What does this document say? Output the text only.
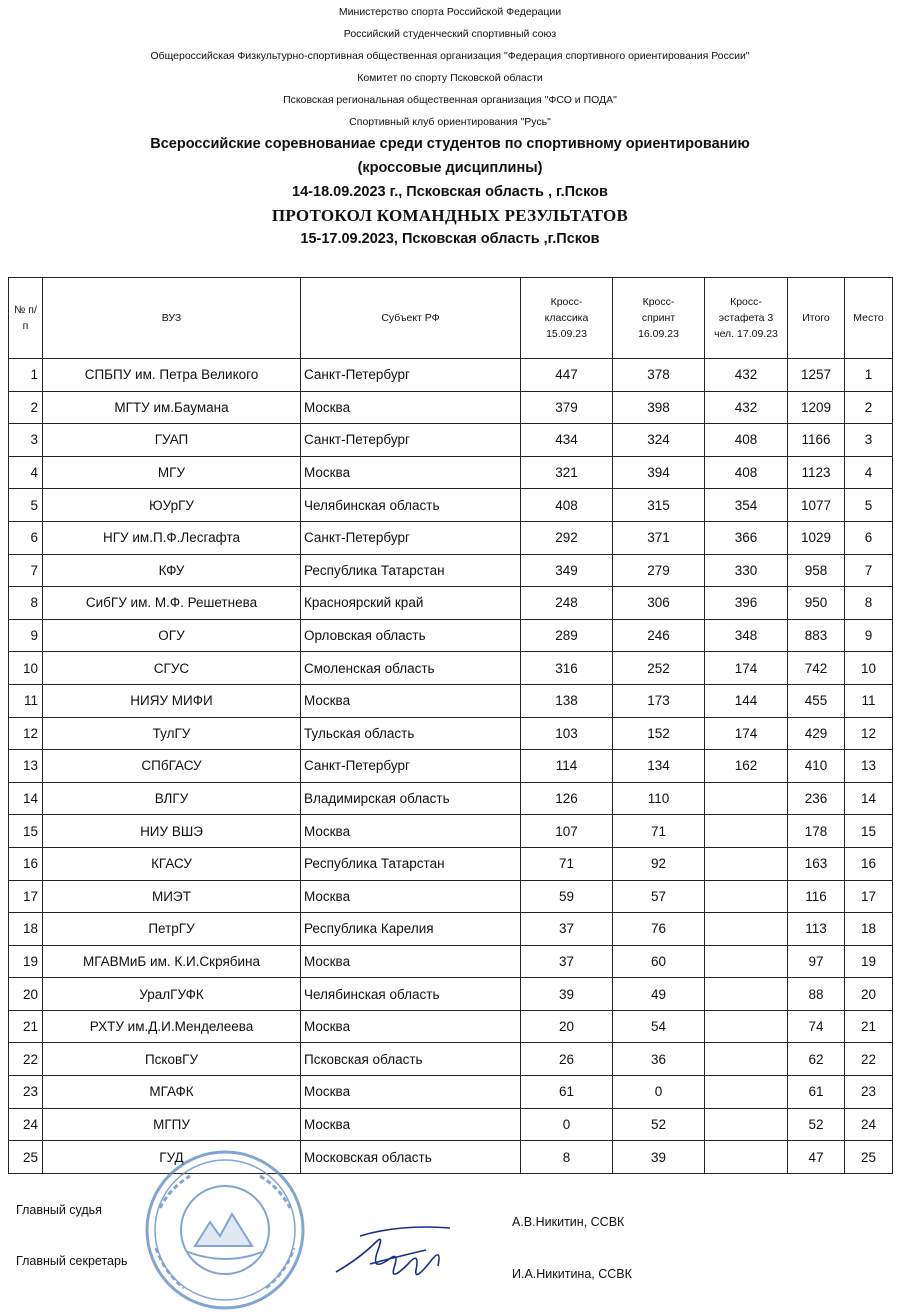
Министерство спорта Российской Федерации
Российский студенческий спортивный союз
Общероссийская Физкультурно-спортивная общественная организация "Федерация спортивного ориентирования России"
Комитет по спорту Псковской области
Псковская региональная общественная организация "ФСО и ПОДА"
Спортивный клуб ориентирования "Русь"
Всероссийские соревнованиае среди студентов по спортивному ориентированию
(кроссовые дисциплины)
14-18.09.2023 г., Псковская область , г.Псков
ПРОТОКОЛ КОМАНДНЫХ РЕЗУЛЬТАТОВ
15-17.09.2023, Псковская область ,г.Псков
№ п/п	ВУЗ	Субъект РФ	Кросс-классика 15.09.23	Кросс-спринт 16.09.23	Кросс-эстафета 3 чел. 17.09.23	Итого	Место
1	СПБПУ им. Петра Великого	Санкт-Петербург	447	378	432	1257	1
2	МГТУ им.Баумана	Москва	379	398	432	1209	2
3	ГУАП	Санкт-Петербург	434	324	408	1166	3
4	МГУ	Москва	321	394	408	1123	4
5	ЮУрГУ	Челябинская область	408	315	354	1077	5
6	НГУ им.П.Ф.Лесгафта	Санкт-Петербург	292	371	366	1029	6
7	КФУ	Республика Татарстан	349	279	330	958	7
8	СибГУ им. М.Ф. Решетнева	Красноярский край	248	306	396	950	8
9	ОГУ	Орловская область	289	246	348	883	9
10	СГУС	Смоленская область	316	252	174	742	10
11	НИЯУ МИФИ	Москва	138	173	144	455	11
12	ТулГУ	Тульская область	103	152	174	429	12
13	СПбГАСУ	Санкт-Петербург	114	134	162	410	13
14	ВЛГУ	Владимирская область	126	110		236	14
15	НИУ ВШЭ	Москва	107	71		178	15
16	КГАСУ	Республика Татарстан	71	92		163	16
17	МИЭТ	Москва	59	57		116	17
18	ПетрГУ	Республика Карелия	37	76		113	18
19	МГАВМиБ им. К.И.Скрябина	Москва	37	60		97	19
20	УралГУФК	Челябинская область	39	49		88	20
21	РХТУ им.Д.И.Менделеева	Москва	20	54		74	21
22	ПсковГУ	Псковская область	26	36		62	22
23	МГАФК	Москва	61	0		61	23
24	МГПУ	Москва	0	52		52	24
25	ГУД	Московская область	8	39		47	25
Главный судья
А.В.Никитин, ССВК
Главный секретарь
И.А.Никитина, ССВК
